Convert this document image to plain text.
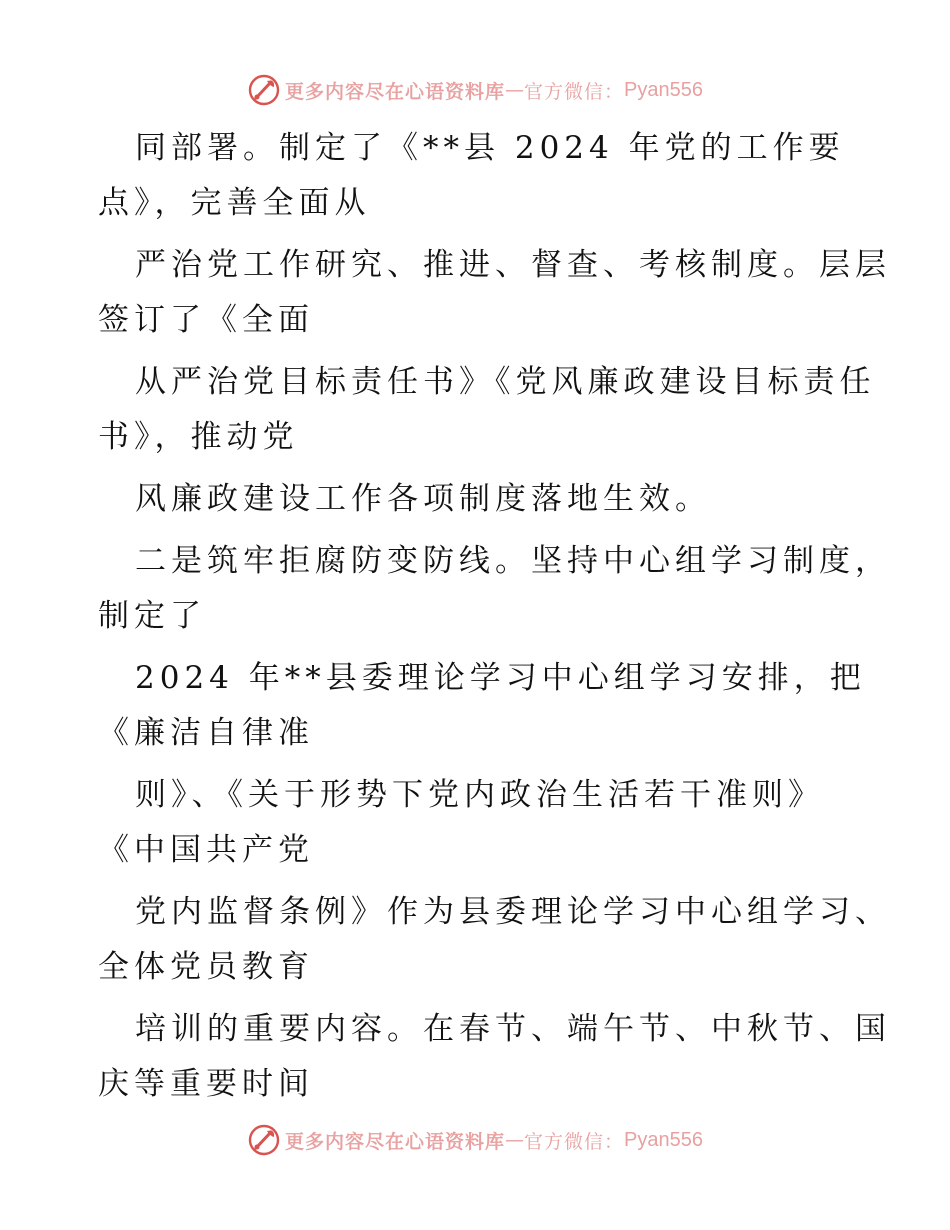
更多内容尽在心语资料库 — 官方微信： Pyan556
同部署。制定了《**县 2024 年党的工作要
点》，完善全面从
严治党工作研究、推进、督查、考核制度。层层
签订了《全面
从严治党目标责任书》《党风廉政建设目标责任
书》，推动党
风廉政建设工作各项制度落地生效。
二是筑牢拒腐防变防线。坚持中心组学习制度，
制定了
2024 年**县委理论学习中心组学习安排，把
《廉洁自律准
则》、《关于形势下党内政治生活若干准则》
《中国共产党
党内监督条例》作为县委理论学习中心组学习、
全体党员教育
培训的重要内容。在春节、端午节、中秋节、国
庆等重要时间
更多内容尽在心语资料库 — 官方微信： Pyan556
